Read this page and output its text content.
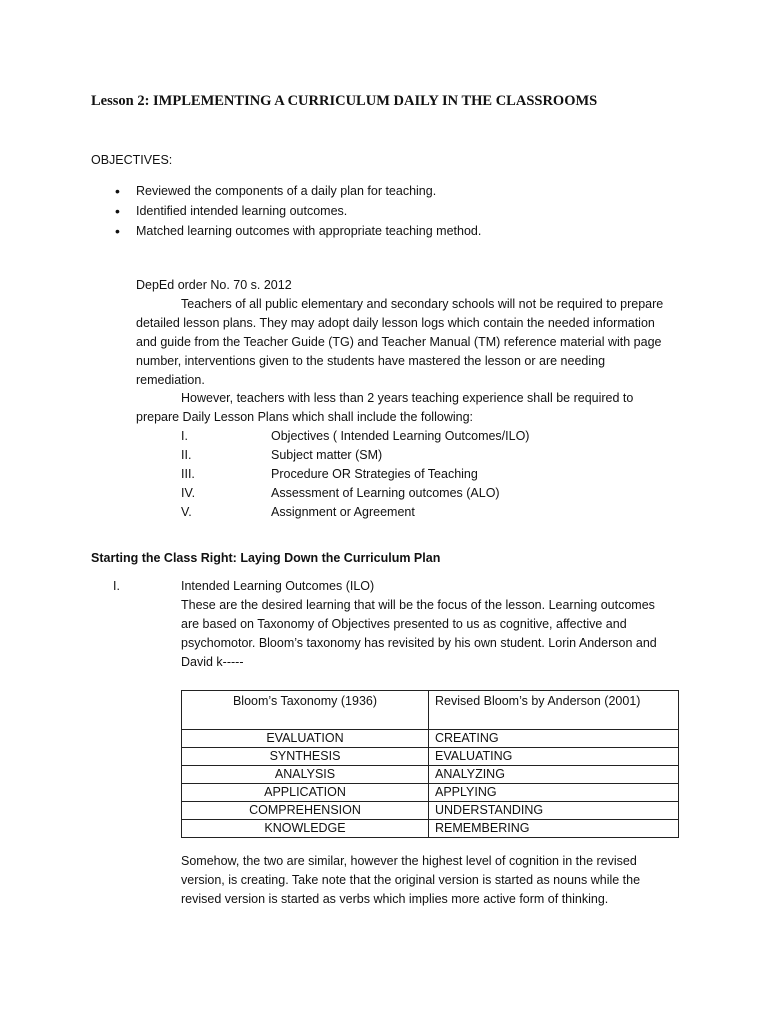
Lesson 2: IMPLEMENTING A CURRICULUM DAILY IN THE CLASSROOMS
OBJECTIVES:
• Reviewed the components of a daily plan for teaching.
• Identified intended learning outcomes.
• Matched learning outcomes with appropriate teaching method.

DepEd order No. 70 s. 2012

Teachers of all public elementary and secondary schools will not be required to prepare detailed lesson plans. They may adopt daily lesson logs which contain the needed information and guide from the Teacher Guide (TG) and Teacher Manual (TM) reference material with page number, interventions given to the students have mastered the lesson or are needing remediation.

However, teachers with less than 2 years teaching experience shall be required to prepare Daily Lesson Plans which shall include the following:

I.	Objectives ( Intended Learning Outcomes/ILO)
II.	Subject matter (SM)
III.	Procedure OR Strategies of Teaching
IV.	Assessment of Learning outcomes (ALO)
V.	Assignment or Agreement
Starting the Class Right: Laying Down the Curriculum Plan
I.	Intended Learning Outcomes (ILO)
These are the desired learning that will be the focus of the lesson. Learning outcomes are based on Taxonomy of Objectives presented to us as cognitive, affective and psychomotor. Bloom’s taxonomy has revisited by his own student. Lorin Anderson and David k-----
Bloom’s Taxonomy (1936)	Revised Bloom’s by Anderson (2001)
EVALUATION	CREATING
SYNTHESIS	EVALUATING
ANALYSIS	ANALYZING
APPLICATION	APPLYING
COMPREHENSION	UNDERSTANDING
KNOWLEDGE	REMEMBERING
Somehow, the two are similar, however the highest level of cognition in the revised version, is creating. Take note that the original version is started as nouns while the revised version is started as verbs which implies more active form of thinking.
